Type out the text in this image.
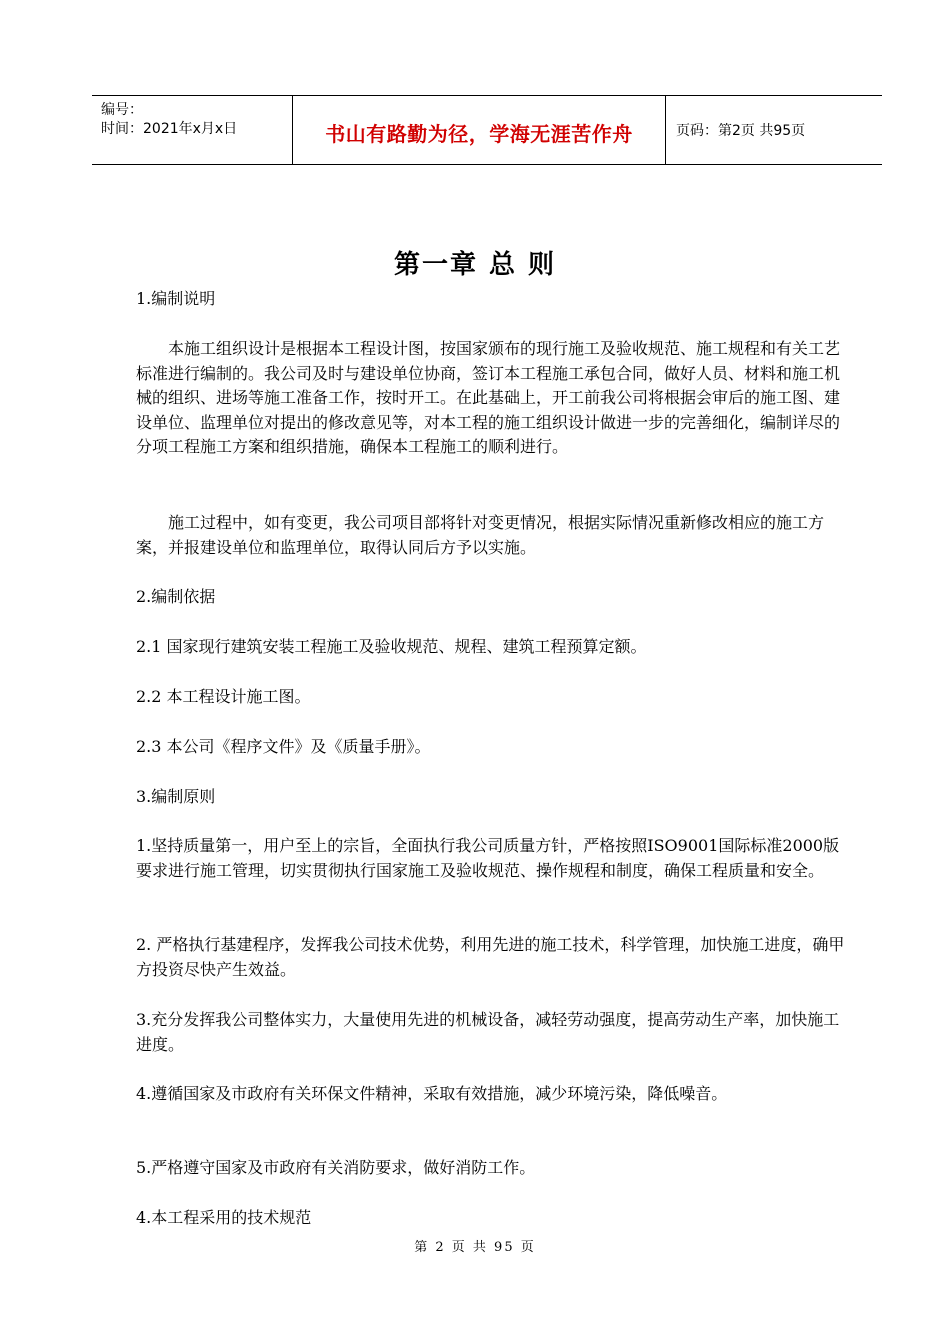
编号：
时间：2021年x月x日	书山有路勤为径，学海无涯苦作舟	页码：第2页 共95页
第一章 总 则
1.编制说明
本施工组织设计是根据本工程设计图，按国家颁布的现行施工及验收规范、施工规程和有关工艺标准进行编制的。我公司及时与建设单位协商，签订本工程施工承包合同，做好人员、材料和施工机械的组织、进场等施工准备工作，按时开工。在此基础上，开工前我公司将根据会审后的施工图、建设单位、监理单位对提出的修改意见等，对本工程的施工组织设计做进一步的完善细化，编制详尽的分项工程施工方案和组织措施，确保本工程施工的顺利进行。
施工过程中，如有变更，我公司项目部将针对变更情况，根据实际情况重新修改相应的施工方案，并报建设单位和监理单位，取得认同后方予以实施。
2.编制依据
2.1 国家现行建筑安装工程施工及验收规范、规程、建筑工程预算定额。
2.2 本工程设计施工图。
2.3 本公司《程序文件》及《质量手册》。
3.编制原则
1.坚持质量第一，用户至上的宗旨，全面执行我公司质量方针，严格按照ISO9001国际标准2000版要求进行施工管理，切实贯彻执行国家施工及验收规范、操作规程和制度，确保工程质量和安全。
2. 严格执行基建程序，发挥我公司技术优势，利用先进的施工技术，科学管理，加快施工进度，确甲方投资尽快产生效益。
3.充分发挥我公司整体实力，大量使用先进的机械设备，减轻劳动强度，提高劳动生产率，加快施工进度。
4.遵循国家及市政府有关环保文件精神，采取有效措施，减少环境污染，降低噪音。
5.严格遵守国家及市政府有关消防要求，做好消防工作。
4.本工程采用的技术规范
第 2 页 共 95 页
